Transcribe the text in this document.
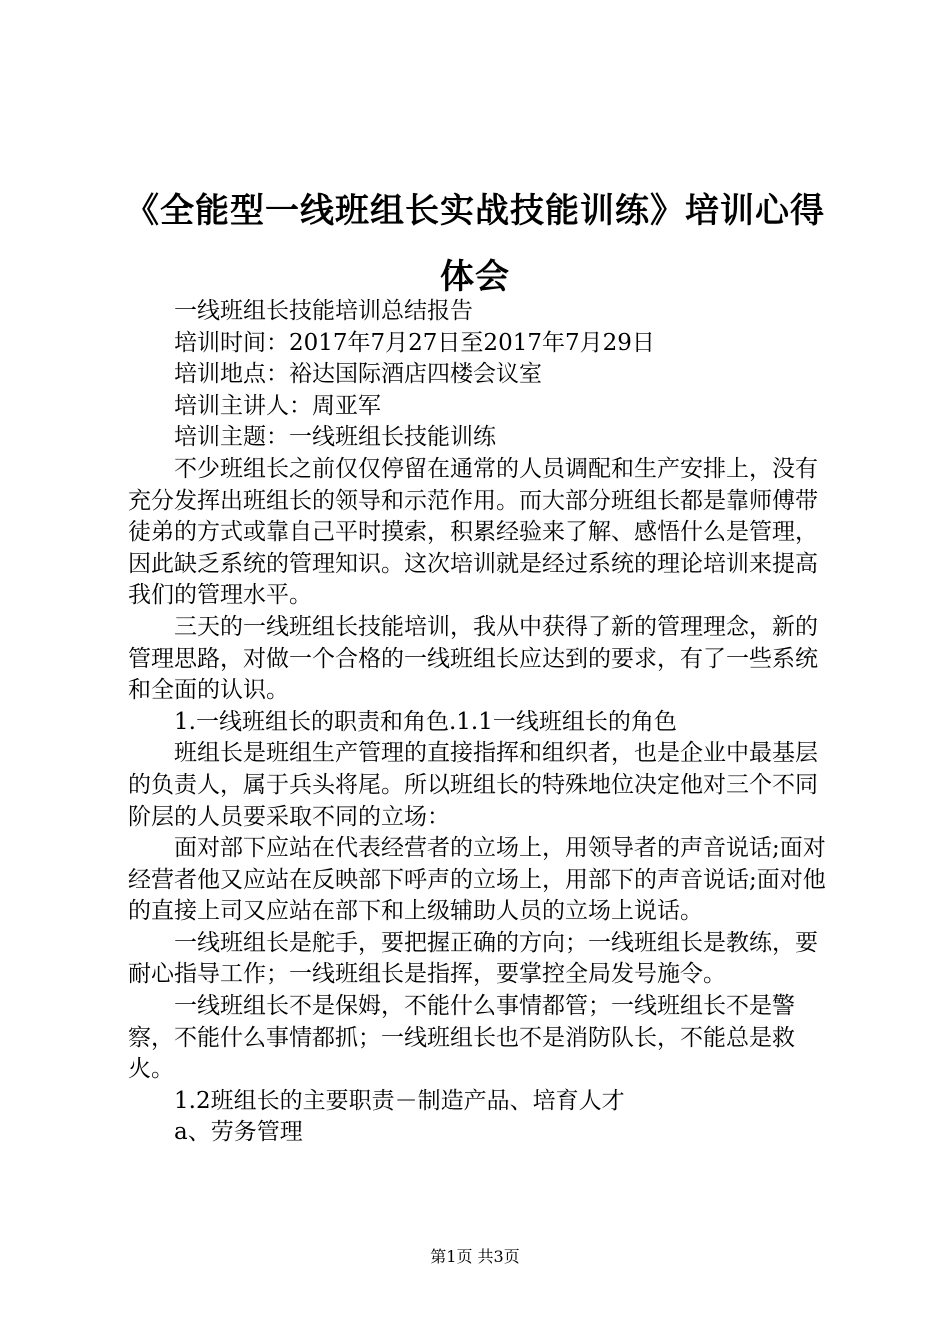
《全能型一线班组长实战技能训练》培训心得体会

一线班组长技能培训总结报告

培训时间：2017年7月27日至2017年7月29日

培训地点：裕达国际酒店四楼会议室

培训主讲人：周亚军

培训主题：一线班组长技能训练

不少班组长之前仅仅停留在通常的人员调配和生产安排上，没有充分发挥出班组长的领导和示范作用。而大部分班组长都是靠师傅带徒弟的方式或靠自己平时摸索，积累经验来了解、感悟什么是管理，因此缺乏系统的管理知识。这次培训就是经过系统的理论培训来提高我们的管理水平。

三天的一线班组长技能培训，我从中获得了新的管理理念，新的管理思路，对做一个合格的一线班组长应达到的要求，有了一些系统和全面的认识。

1.一线班组长的职责和角色.1.1一线班组长的角色

班组长是班组生产管理的直接指挥和组织者，也是企业中最基层的负责人，属于兵头将尾。所以班组长的特殊地位决定他对三个不同阶层的人员要采取不同的立场：

面对部下应站在代表经营者的立场上，用领导者的声音说话;面对经营者他又应站在反映部下呼声的立场上，用部下的声音说话;面对他的直接上司又应站在部下和上级辅助人员的立场上说话。

一线班组长是舵手，要把握正确的方向；一线班组长是教练，要耐心指导工作；一线班组长是指挥，要掌控全局发号施令。

一线班组长不是保姆，不能什么事情都管；一线班组长不是警察，不能什么事情都抓；一线班组长也不是消防队长，不能总是救火。

1.2班组长的主要职责－制造产品、培育人才

a、劳务管理

第1页 共3页
